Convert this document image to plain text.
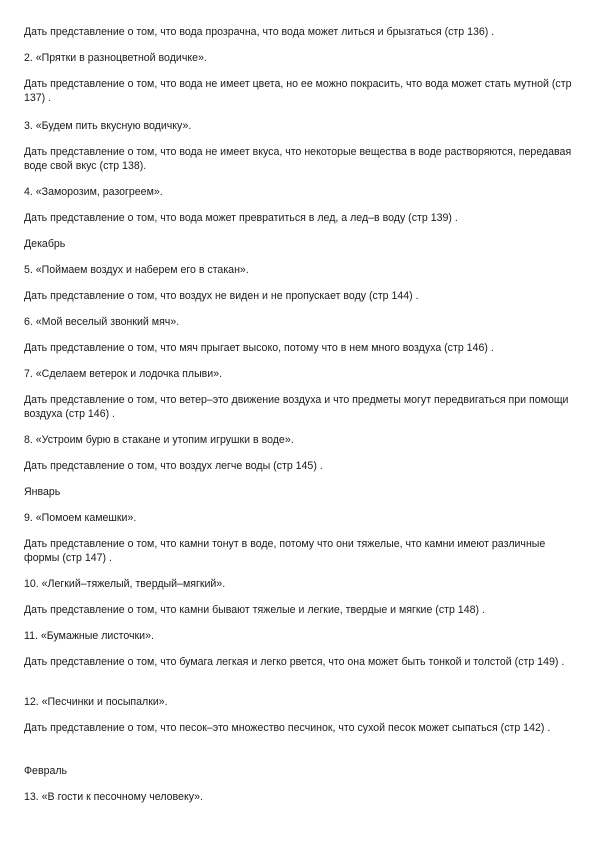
Дать представление о том, что вода прозрачна, что вода может литься и брызгаться (стр 136) .

2. «Прятки в разноцветной водичке».

Дать представление о том, что вода не имеет цвета, но ее можно покрасить, что вода может стать мутной (стр 137) .

3. «Будем пить вкусную водичку».

Дать представление о том, что вода не имеет вкуса, что некоторые вещества в воде растворяются, передавая воде свой вкус (стр 138).

4. «Заморозим, разогреем».

Дать представление о том, что вода может превратиться в лед, а лед–в воду (стр 139) .

Декабрь

5. «Поймаем воздух и наберем его в стакан».

Дать представление о том, что воздух не виден и не пропускает воду (стр 144) .

6. «Мой веселый звонкий мяч».

Дать представление о том, что мяч прыгает высоко, потому что в нем много воздуха (стр 146) .

7. «Сделаем ветерок и лодочка плыви».

Дать представление о том, что ветер–это движение воздуха и что предметы могут передвигаться при помощи воздуха (стр 146) .

8. «Устроим бурю в стакане и утопим игрушки в воде».

Дать представление о том, что воздух легче воды (стр 145) .

Январь

9. «Помоем камешки».

Дать представление о том, что камни тонут в воде, потому что они тяжелые, что камни имеют различные формы (стр 147) .

10. «Легкий–тяжелый, твердый–мягкий».

Дать представление о том, что камни бывают тяжелые и легкие, твердые и мягкие (стр 148) .

11. «Бумажные листочки».

Дать представление о том, что бумага легкая и легко рвется, что она может быть тонкой и толстой (стр 149) .

12. «Песчинки и посыпалки».

Дать представление о том, что песок–это множество песчинок, что сухой песок может сыпаться (стр 142) .

Февраль

13. «В гости к песочному человеку».
